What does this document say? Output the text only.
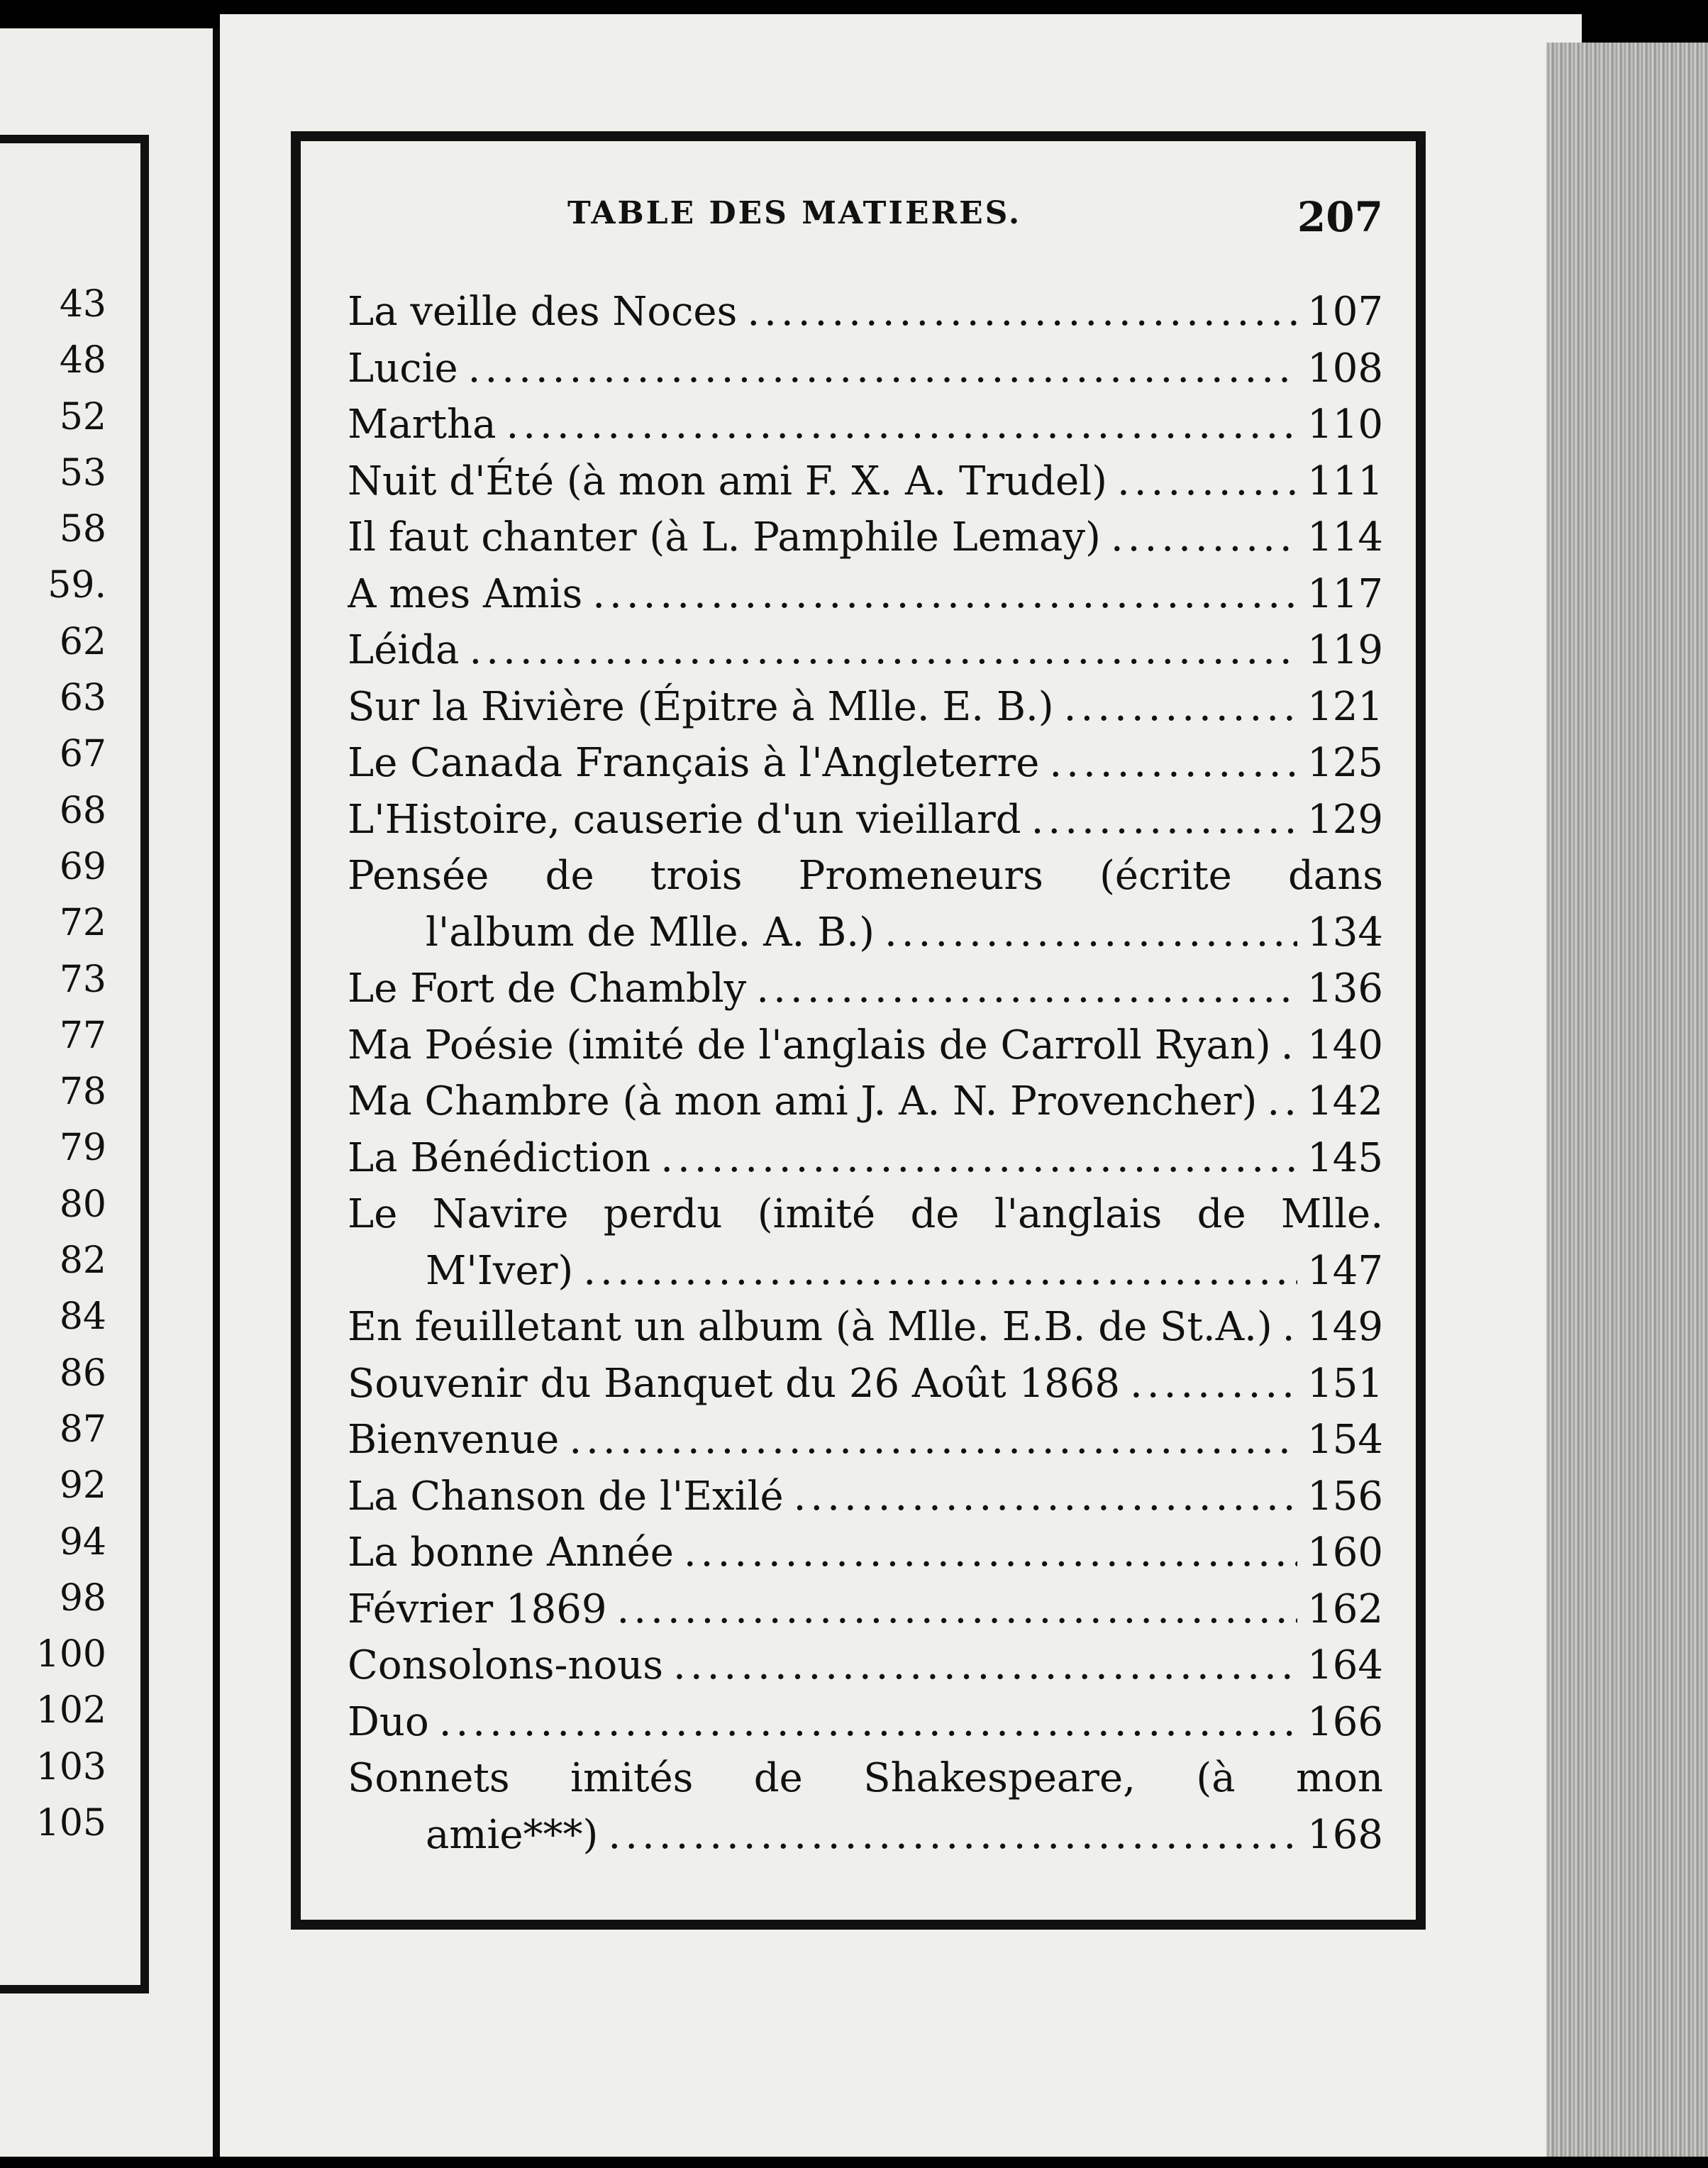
43
48
52
53
58
59.
62
63
67
68
69
72
73
77
78
79
80
82
84
86
87
92
94
98
100
102
103
105
TABLE DES MATIERES.	207
La veille des Noces .....	107
Lucie .....	108
Martha .....	110
Nuit d'Été (à mon ami F. X. A. Trudel) .....	111
Il faut chanter (à L. Pamphile Lemay) .....	114
A mes Amis .....	117
Léida .....	119
Sur la Rivière (Épitre à Mlle. E. B.) .....	121
Le Canada Français à l'Angleterre .....	125
L'Histoire, causerie d'un vieillard .....	129
Pensée de trois Promeneurs (écrite dans
l'album de Mlle. A. B.) .....	134
Le Fort de Chambly .....	136
Ma Poésie (imité de l'anglais de Carroll Ryan) ..... 140
Ma Chambre (à mon ami J. A. N. Provencher) ..... 142
La Bénédiction .....	145
Le Navire perdu (imité de l'anglais de Mlle.
M'Iver) .....	147
En feuilletant un album (à Mlle. E.B. de St.A.) ..... 149
Souvenir du Banquet du 26 Août 1868 .....	151
Bienvenue .....	154
La Chanson de l'Exilé .....	156
La bonne Année .....	160
Février 1869 .....	162
Consolons-nous .....	164
Duo .....	166
Sonnets imités de Shakespeare, (à mon
amie***) .....	168
